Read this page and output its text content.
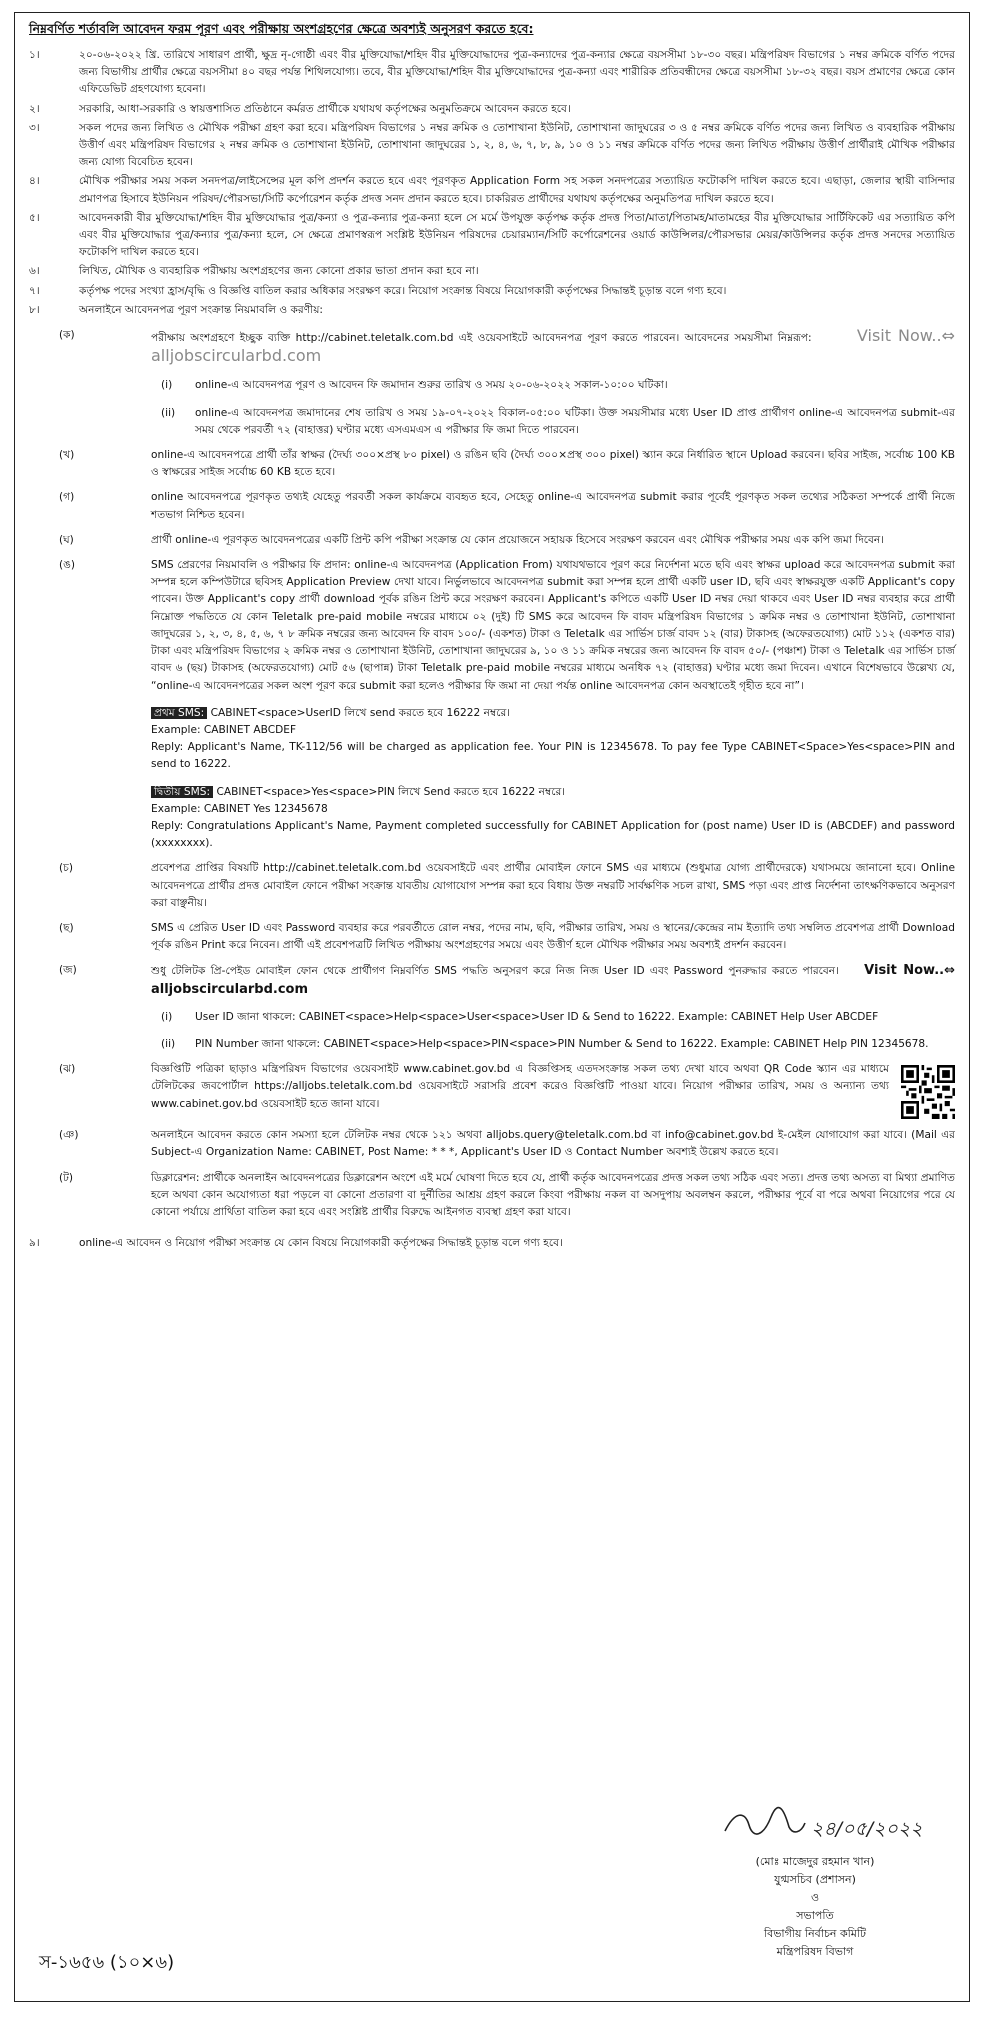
নিম্নবর্ণিত শর্তাবলি আবেদন ফরম পূরণ এবং পরীক্ষায় অংশগ্রহণের ক্ষেত্রে অবশ্যই অনুসরণ করতে হবে:
১।	২০-০৬-২০২২ খ্রি. তারিখে সাধারণ প্রার্থী, ক্ষুদ্র নৃ-গোষ্ঠী এবং বীর মুক্তিযোদ্ধা/শহিদ বীর মুক্তিযোদ্ধাদের পুত্র-কন্যাদের পুত্র-কন্যার ক্ষেত্রে বয়সসীমা ১৮-৩০ বছর। মন্ত্রিপরিষদ বিভাগের ১ নম্বর ক্রমিকে বর্ণিত পদের জন্য বিভাগীয় প্রার্থীর ক্ষেত্রে বয়সসীমা ৪০ বছর পর্যন্ত শিথিলযোগ্য। তবে, বীর মুক্তিযোদ্ধা/শহিদ বীর মুক্তিযোদ্ধাদের পুত্র-কন্যা এবং শারীরিক প্রতিবন্ধীদের ক্ষেত্রে বয়সসীমা ১৮-৩২ বছর। বয়স প্রমাণের ক্ষেত্রে কোন এফিডেভিট গ্রহণযোগ্য হবেনা।

২।	সরকারি, আধা-সরকারি ও স্বায়ত্তশাসিত প্রতিষ্ঠানে কর্মরত প্রার্থীকে যথাযথ কর্তৃপক্ষের অনুমতিক্রমে আবেদন করতে হবে।

৩।	সকল পদের জন্য লিখিত ও মৌখিক পরীক্ষা গ্রহণ করা হবে। মন্ত্রিপরিষদ বিভাগের ১ নম্বর ক্রমিক ও তোশাখানা ইউনিট, তোশাখানা জাদুঘরের ৩ ও ৫ নম্বর ক্রমিকে বর্ণিত পদের জন্য লিখিত ও ব্যবহারিক পরীক্ষায় উত্তীর্ণ এবং মন্ত্রিপরিষদ বিভাগের ২ নম্বর ক্রমিক ও তোশাখানা ইউনিট, তোশাখানা জাদুঘরের ১, ২, ৪, ৬, ৭, ৮, ৯, ১০ ও ১১ নম্বর ক্রমিকে বর্ণিত পদের জন্য লিখিত পরীক্ষায় উত্তীর্ণ প্রার্থীরাই মৌখিক পরীক্ষার জন্য যোগ্য বিবেচিত হবেন।

৪।	মৌখিক পরীক্ষার সময় সকল সনদপত্র/লাইসেন্সের মূল কপি প্রদর্শন করতে হবে এবং পূরণকৃত Application Form সহ সকল সনদপত্রের সত্যায়িত ফটোকপি দাখিল করতে হবে। এছাড়া, জেলার স্থায়ী বাসিন্দার প্রমাণপত্র হিসাবে ইউনিয়ন পরিষদ/পৌরসভা/সিটি কর্পোরেশন কর্তৃক প্রদত্ত সনদ প্রদান করতে হবে। চাকরিরত প্রার্থীদের যথাযথ কর্তৃপক্ষের অনুমতিপত্র দাখিল করতে হবে।

৫।	আবেদনকারী বীর মুক্তিযোদ্ধা/শহিদ বীর মুক্তিযোদ্ধার পুত্র/কন্যা ও পুত্র-কন্যার পুত্র-কন্যা হলে সে মর্মে উপযুক্ত কর্তৃপক্ষ কর্তৃক প্রদত্ত পিতা/মাতা/পিতামহ/মাতামহের বীর মুক্তিযোদ্ধার সার্টিফিকেট এর সত্যায়িত কপি এবং বীর মুক্তিযোদ্ধার পুত্র/কন্যার পুত্র/কন্যা হলে, সে ক্ষেত্রে প্রমাণস্বরূপ সংশ্লিষ্ট ইউনিয়ন পরিষদের চেয়ারম্যান/সিটি কর্পোরেশনের ওয়ার্ড কাউন্সিলর/পৌরসভার মেয়র/কাউন্সিলর কর্তৃক প্রদত্ত সনদের সত্যায়িত ফটোকপি দাখিল করতে হবে।

৬।	লিখিত, মৌখিক ও ব্যবহারিক পরীক্ষায় অংশগ্রহণের জন্য কোনো প্রকার ভাতা প্রদান করা হবে না।

৭।	কর্তৃপক্ষ পদের সংখ্যা হ্রাস/বৃদ্ধি ও বিজ্ঞপ্তি বাতিল করার অধিকার সংরক্ষণ করে। নিয়োগ সংক্রান্ত বিষয়ে নিয়োগকারী কর্তৃপক্ষের সিদ্ধান্তই চূড়ান্ত বলে গণ্য হবে।

৮।	অনলাইনে আবেদনপত্র পূরণ সংক্রান্ত নিয়মাবলি ও করণীয়:

(ক)	পরীক্ষায় অংশগ্রহণে ইচ্ছুক ব্যক্তি http://cabinet.teletalk.com.bd এই ওয়েবসাইটে আবেদনপত্র পূরণ করতে পারবেন। আবেদনের সময়সীমা নিম্নরূপ:	Visit Now..⇔ alljobscircularbd.com
(i)	online-এ আবেদনপত্র পূরণ ও আবেদন ফি জমাদান শুরুর তারিখ ও সময় ২০-০৬-২০২২ সকাল-১০:০০ ঘটিকা।
(ii)	online-এ আবেদনপত্র জমাদানের শেষ তারিখ ও সময় ১৯-০৭-২০২২ বিকাল-০৫:০০ ঘটিকা। উক্ত সময়সীমার মধ্যে User ID প্রাপ্ত প্রার্থীগণ online-এ আবেদনপত্র submit-এর সময় থেকে পরবর্তী ৭২ (বাহাত্তর) ঘণ্টার মধ্যে এসএমএস এ পরীক্ষার ফি জমা দিতে পারবেন।
(খ)	online-এ আবেদনপত্রে প্রার্থী তাঁর স্বাক্ষর (দৈর্ঘ্য ৩০০×প্রস্থ ৮০ pixel) ও রঙিন ছবি (দৈর্ঘ্য ৩০০×প্রস্থ ৩০০ pixel) স্ক্যান করে নির্ধারিত স্থানে Upload করবেন। ছবির সাইজ, সর্বোচ্চ 100 KB ও স্বাক্ষরের সাইজ সর্বোচ্চ 60 KB হতে হবে।

(গ)	online আবেদনপত্রে পূরণকৃত তথ্যই যেহেতু পরবর্তী সকল কার্যক্রমে ব্যবহৃত হবে, সেহেতু online-এ আবেদনপত্র submit করার পূর্বেই পূরণকৃত সকল তথ্যের সঠিকতা সম্পর্কে প্রার্থী নিজে শতভাগ নিশ্চিত হবেন।

(ঘ)	প্রার্থী online-এ পূরণকৃত আবেদনপত্রের একটি প্রিন্ট কপি পরীক্ষা সংক্রান্ত যে কোন প্রয়োজনে সহায়ক হিসেবে সংরক্ষণ করবেন এবং মৌখিক পরীক্ষার সময় এক কপি জমা দিবেন।

(ঙ)	SMS প্রেরণের নিয়মাবলি ও পরীক্ষার ফি প্রদান: online-এ আবেদনপত্র (Application From) যথাযথভাবে পূরণ করে নির্দেশনা মতে ছবি এবং স্বাক্ষর upload করে আবেদনপত্র submit করা সম্পন্ন হলে কম্পিউটারে ছবিসহ Application Preview দেখা যাবে। নির্ভুলভাবে আবেদনপত্র submit করা সম্পন্ন হলে প্রার্থী একটি user ID, ছবি এবং স্বাক্ষরযুক্ত একটি Applicant's copy পাবেন। উক্ত Applicant's copy প্রার্থী download পূর্বক রঙিন প্রিন্ট করে সংরক্ষণ করবেন। Applicant's কপিতে একটি User ID নম্বর দেয়া থাকবে এবং User ID নম্বর ব্যবহার করে প্রার্থী নিম্নোক্ত পদ্ধতিতে যে কোন Teletalk pre-paid mobile নম্বরের মাধ্যমে ০২ (দুই) টি SMS করে আবেদন ফি বাবদ মন্ত্রিপরিষদ বিভাগের ১ ক্রমিক নম্বর ও তোশাখানা ইউনিট, তোশাখানা জাদুঘরের ১, ২, ৩, ৪, ৫, ৬, ৭ ৮ ক্রমিক নম্বরের জন্য আবেদন ফি বাবদ ১০০/- (একশত) টাকা ও Teletalk এর সার্ভিস চার্জ বাবদ ১২ (বার) টাকাসহ (অফেরতযোগ্য) মোট ১১২ (একশত বার) টাকা এবং মন্ত্রিপরিষদ বিভাগের ২ ক্রমিক নম্বর ও তোশাখানা ইউনিট, তোশাখানা জাদুঘরের ৯, ১০ ও ১১ ক্রমিক নম্বরের জন্য আবেদন ফি বাবদ ৫০/- (পঞ্চাশ) টাকা ও Teletalk এর সার্ভিস চার্জ বাবদ ৬ (ছয়) টাকাসহ (অফেরতযোগ্য) মোট ৫৬ (ছাপান্ন) টাকা Teletalk pre-paid mobile নম্বরের মাধ্যমে অনধিক ৭২ (বাহাত্তর) ঘণ্টার মধ্যে জমা দিবেন। এখানে বিশেষভাবে উল্লেখ্য যে, “online-এ আবেদনপত্রের সকল অংশ পূরণ করে submit করা হলেও পরীক্ষার ফি জমা না দেয়া পর্যন্ত online আবেদনপত্র কোন অবস্থাতেই গৃহীত হবে না”।

প্রথম SMS: CABINET<space>UserID লিখে send করতে হবে 16222 নম্বরে।

Example: CABINET ABCDEF

Reply: Applicant's Name, TK-112/56 will be charged as application fee. Your PIN is 12345678. To pay fee Type CABINET<Space>Yes<space>PIN and send to 16222.

দ্বিতীয় SMS: CABINET<space>Yes<space>PIN লিখে Send করতে হবে 16222 নম্বরে।

Example: CABINET Yes 12345678

Reply: Congratulations Applicant's Name, Payment completed successfully for CABINET Application for (post name) User ID is (ABCDEF) and password (xxxxxxxx).

(চ)	প্রবেশপত্র প্রাপ্তির বিষয়টি http://cabinet.teletalk.com.bd ওয়েবসাইটে এবং প্রার্থীর মোবাইল ফোনে SMS এর মাধ্যমে (শুধুমাত্র যোগ্য প্রার্থীদেরকে) যথাসময়ে জানানো হবে। Online আবেদনপত্রে প্রার্থীর প্রদত্ত মোবাইল ফোনে পরীক্ষা সংক্রান্ত যাবতীয় যোগাযোগ সম্পন্ন করা হবে বিধায় উক্ত নম্বরটি সার্বক্ষণিক সচল রাখা, SMS পড়া এবং প্রাপ্ত নির্দেশনা তাৎক্ষণিকভাবে অনুসরণ করা বাঞ্ছনীয়।

(ছ)	SMS এ প্রেরিত User ID এবং Password ব্যবহার করে পরবর্তীতে রোল নম্বর, পদের নাম, ছবি, পরীক্ষার তারিখ, সময় ও স্থানের/কেন্দ্রের নাম ইত্যাদি তথ্য সম্বলিত প্রবেশপত্র প্রার্থী Download পূর্বক রঙিন Print করে নিবেন। প্রার্থী এই প্রবেশপত্রটি লিখিত পরীক্ষায় অংশগ্রহণের সময়ে এবং উত্তীর্ণ হলে মৌখিক পরীক্ষার সময় অবশ্যই প্রদর্শন করবেন।

(জ)	শুধু টেলিটক প্রি-পেইড মোবাইল ফোন থেকে প্রার্থীগণ নিম্নবর্ণিত SMS পদ্ধতি অনুসরণ করে নিজ নিজ User ID এবং Password পুনরুদ্ধার করতে পারবেন। Visit Now..⇔ alljobscircularbd.com
(i)	User ID জানা থাকলে: CABINET<space>Help<space>User<space>User ID & Send to 16222. Example: CABINET Help User ABCDEF
(ii)	PIN Number জানা থাকলে: CABINET<space>Help<space>PIN<space>PIN Number & Send to 16222. Example: CABINET Help PIN 12345678.
(ঝ)	বিজ্ঞপ্তিটি পত্রিকা ছাড়াও মন্ত্রিপরিষদ বিভাগের ওয়েবসাইট www.cabinet.gov.bd এ বিজ্ঞপ্তিসহ এতদসংক্রান্ত সকল তথ্য দেখা যাবে অথবা QR Code স্ক্যান এর মাধ্যমে টেলিটকের জবপোর্টাল https://alljobs.teletalk.com.bd ওয়েবসাইটে সরাসরি প্রবেশ করেও বিজ্ঞপ্তিটি পাওয়া যাবে। নিয়োগ পরীক্ষার তারিখ, সময় ও অন্যান্য তথ্য www.cabinet.gov.bd ওয়েবসাইট হতে জানা যাবে।

(ঞ)	অনলাইনে আবেদন করতে কোন সমস্যা হলে টেলিটক নম্বর থেকে ১২১ অথবা alljobs.query@teletalk.com.bd বা info@cabinet.gov.bd ই-মেইল যোগাযোগ করা যাবে। (Mail এর Subject-এ Organization Name: CABINET, Post Name: * * *, Applicant's User ID ও Contact Number অবশ্যই উল্লেখ করতে হবে।

(ট)	ডিক্লারেশন: প্রার্থীকে অনলাইন আবেদনপত্রের ডিক্লারেশন অংশে এই মর্মে ঘোষণা দিতে হবে যে, প্রার্থী কর্তৃক আবেদনপত্রের প্রদত্ত সকল তথ্য সঠিক এবং সত্য। প্রদত্ত তথ্য অসত্য বা মিথ্যা প্রমাণিত হলে অথবা কোন অযোগ্যতা ধরা পড়লে বা কোনো প্রতারণা বা দুর্নীতির আশ্রয় গ্রহণ করলে কিংবা পরীক্ষায় নকল বা অসদুপায় অবলম্বন করলে, পরীক্ষার পূর্বে বা পরে অথবা নিয়োগের পরে যে কোনো পর্যায়ে প্রার্থিতা বাতিল করা হবে এবং সংশ্লিষ্ট প্রার্থীর বিরুদ্ধে আইনগত ব্যবস্থা গ্রহণ করা যাবে।

৯।	online-এ আবেদন ও নিয়োগ পরীক্ষা সংক্রান্ত যে কোন বিষয়ে নিয়োগকারী কর্তৃপক্ষের সিদ্ধান্তই চূড়ান্ত বলে গণ্য হবে।

২৪/০৫/২০২২

(মোঃ মাজেদুর রহমান খান)

যুগ্মসচিব (প্রশাসন)

ও

সভাপতি

বিভাগীয় নির্বাচন কমিটি

মন্ত্রিপরিষদ বিভাগ

স-১৬৫৬ (১০×৬)
